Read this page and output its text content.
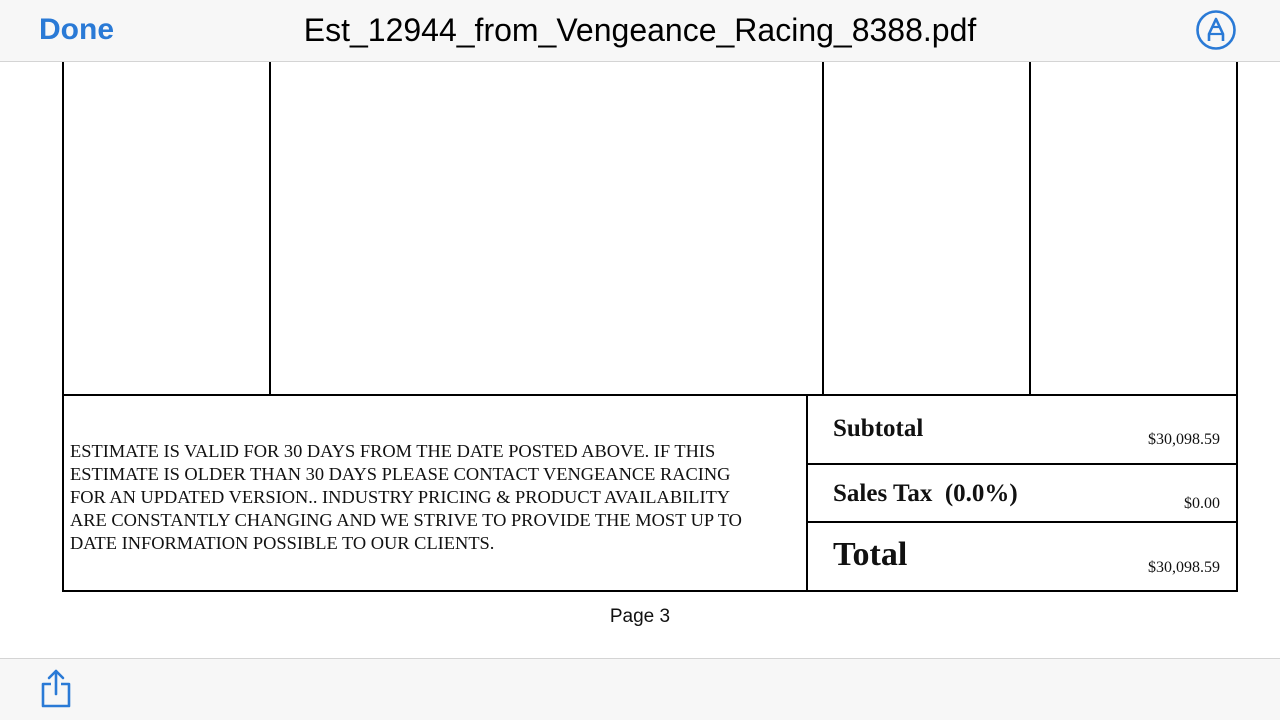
Done	Est_12944_from_Vengeance_Racing_8388.pdf
ESTIMATE IS VALID FOR 30 DAYS FROM THE DATE POSTED ABOVE. IF THIS
ESTIMATE IS OLDER THAN 30 DAYS PLEASE CONTACT VENGEANCE RACING
FOR AN UPDATED VERSION.. INDUSTRY PRICING & PRODUCT AVAILABILITY
ARE CONSTANTLY CHANGING AND WE STRIVE TO PROVIDE THE MOST UP TO
DATE INFORMATION POSSIBLE TO OUR CLIENTS.
Subtotal	$30,098.59
Sales Tax  (0.0%)	$0.00
Total	$30,098.59
Page 3
